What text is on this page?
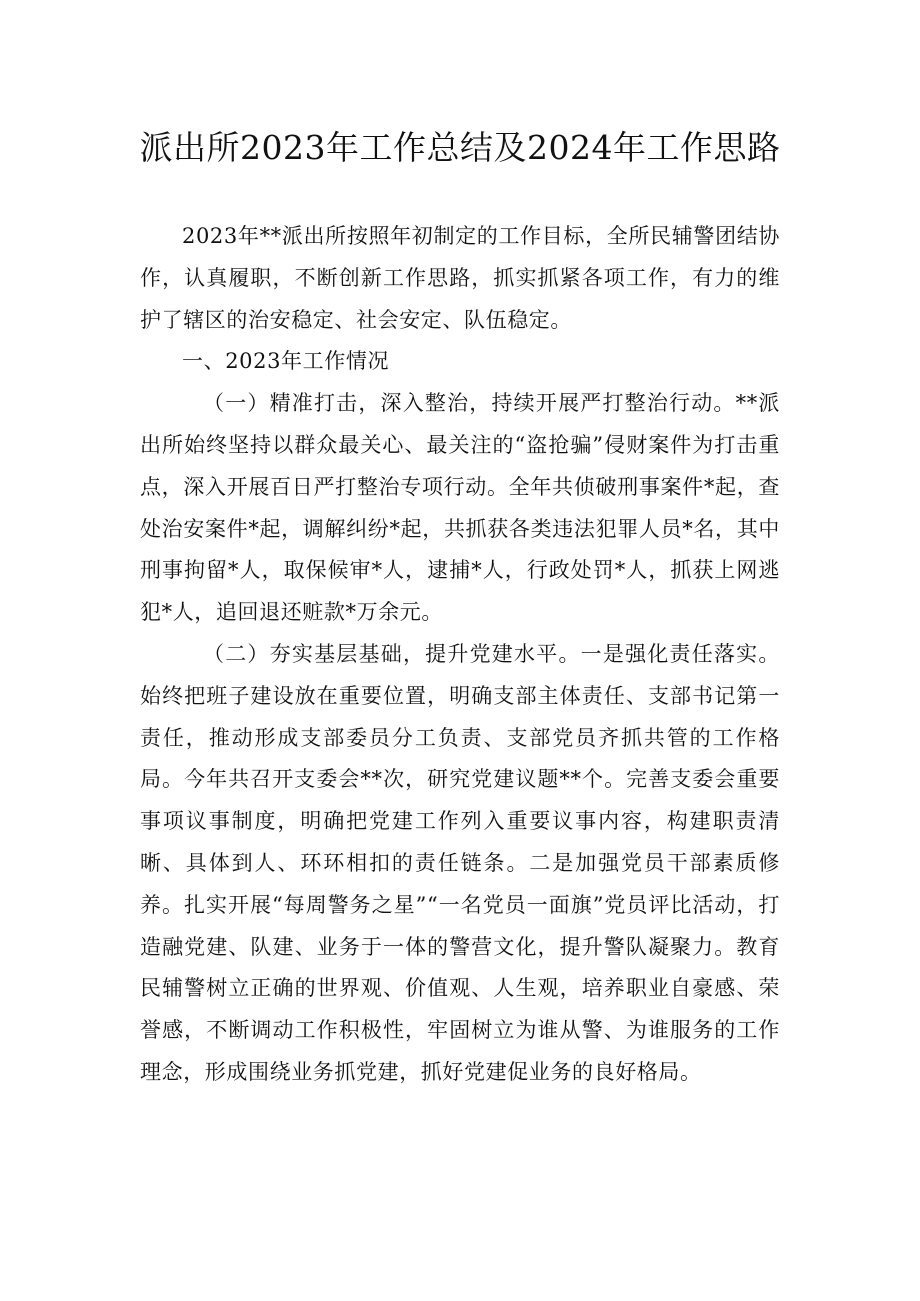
派出所2023年工作总结及2024年工作思路

2023年**派出所按照年初制定的工作目标，全所民辅警团结协作，认真履职，不断创新工作思路，抓实抓紧各项工作，有力的维护了辖区的治安稳定、社会安定、队伍稳定。

一、2023年工作情况

（一）精准打击，深入整治，持续开展严打整治行动。**派出所始终坚持以群众最关心、最关注的“盗抢骗”侵财案件为打击重点，深入开展百日严打整治专项行动。全年共侦破刑事案件*起，查处治安案件*起，调解纠纷*起，共抓获各类违法犯罪人员*名，其中刑事拘留*人，取保候审*人，逮捕*人，行政处罚*人，抓获上网逃犯*人，追回退还赃款*万余元。

（二）夯实基层基础，提升党建水平。一是强化责任落实。始终把班子建设放在重要位置，明确支部主体责任、支部书记第一责任，推动形成支部委员分工负责、支部党员齐抓共管的工作格局。今年共召开支委会**次，研究党建议题**个。完善支委会重要事项议事制度，明确把党建工作列入重要议事内容，构建职责清晰、具体到人、环环相扣的责任链条。二是加强党员干部素质修养。扎实开展“每周警务之星”“一名党员一面旗”党员评比活动，打造融党建、队建、业务于一体的警营文化，提升警队凝聚力。教育民辅警树立正确的世界观、价值观、人生观，培养职业自豪感、荣誉感，不断调动工作积极性，牢固树立为谁从警、为谁服务的工作理念，形成围绕业务抓党建，抓好党建促业务的良好格局。
